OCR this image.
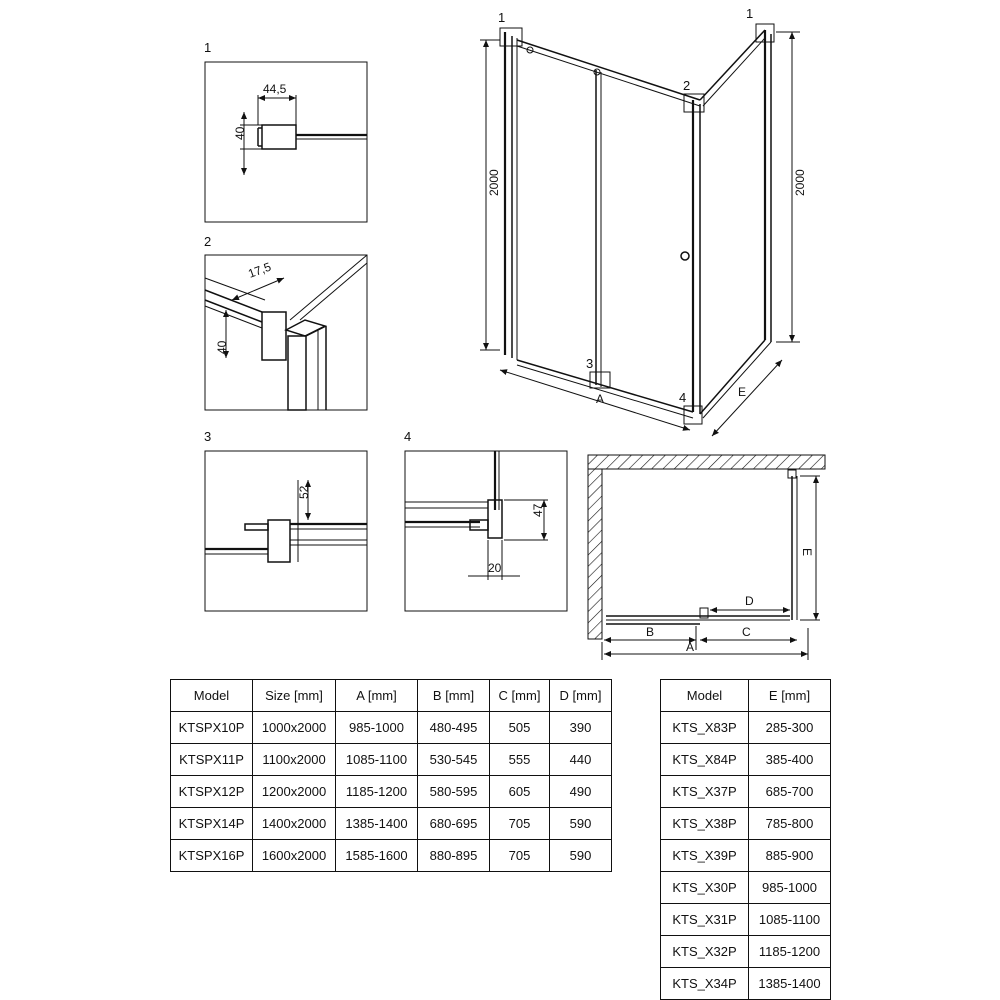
1
44,5
40
2
17,5
40
3
52
4
47
20
1	1
2
3
4
2000	2000
A	E
D
B	C
A
E
Model	Size [mm]	A [mm]	B [mm]	C [mm]	D [mm]
KTSPX10P	1000x2000	985-1000	480-495	505	390
KTSPX11P	1100x2000	1085-1100	530-545	555	440
KTSPX12P	1200x2000	1185-1200	580-595	605	490
KTSPX14P	1400x2000	1385-1400	680-695	705	590
KTSPX16P	1600x2000	1585-1600	880-895	705	590
Model	E [mm]
KTS_X83P	285-300
KTS_X84P	385-400
KTS_X37P	685-700
KTS_X38P	785-800
KTS_X39P	885-900
KTS_X30P	985-1000
KTS_X31P	1085-1100
KTS_X32P	1185-1200
KTS_X34P	1385-1400
